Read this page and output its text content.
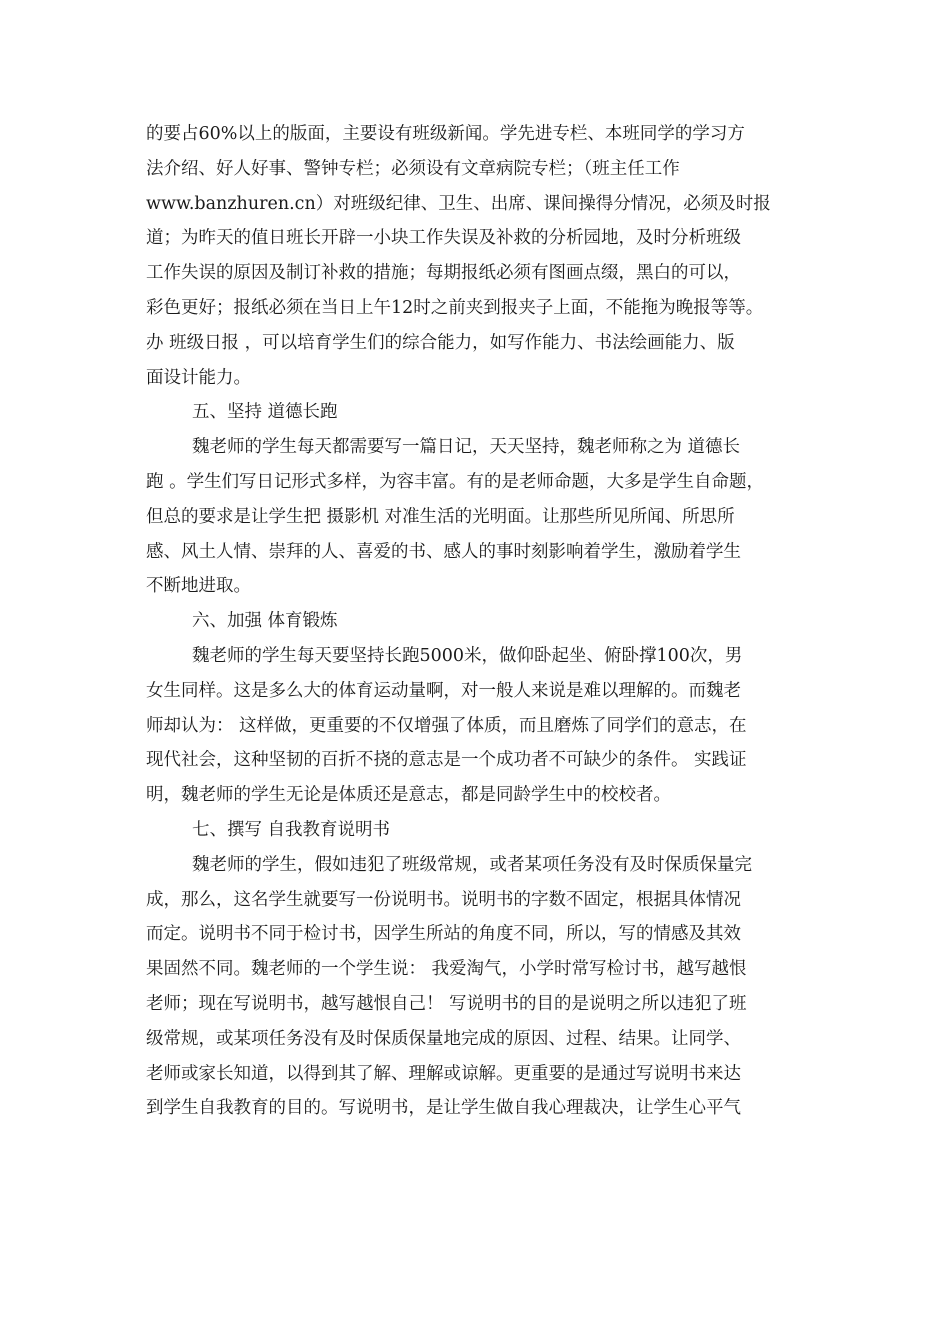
的要占60%以上的版面，主要设有班级新闻。学先进专栏、本班同学的学习方
法介绍、好人好事、警钟专栏；必须设有文章病院专栏；（班主任工作
www.banzhuren.cn）对班级纪律、卫生、出席、课间操得分情况，必须及时报
道；为昨天的值日班长开辟一小块工作失误及补救的分析园地，及时分析班级
工作失误的原因及制订补救的措施；每期报纸必须有图画点缀，黑白的可以，
彩色更好；报纸必须在当日上午12时之前夹到报夹子上面，不能拖为晚报等等。
办 班级日报 ，可以培育学生们的综合能力，如写作能力、书法绘画能力、版
面设计能力。
五、坚持 道德长跑
魏老师的学生每天都需要写一篇日记，天天坚持，魏老师称之为 道德长
跑 。学生们写日记形式多样，为容丰富。有的是老师命题，大多是学生自命题，
但总的要求是让学生把 摄影机 对准生活的光明面。让那些所见所闻、所思所
感、风土人情、崇拜的人、喜爱的书、感人的事时刻影响着学生，激励着学生
不断地进取。
六、加强 体育锻炼
魏老师的学生每天要坚持长跑5000米，做仰卧起坐、俯卧撑100次，男
女生同样。这是多么大的体育运动量啊，对一般人来说是难以理解的。而魏老
师却认为： 这样做，更重要的不仅增强了体质，而且磨炼了同学们的意志，在
现代社会，这种坚韧的百折不挠的意志是一个成功者不可缺少的条件。 实践证
明，魏老师的学生无论是体质还是意志，都是同龄学生中的校校者。
七、撰写 自我教育说明书
魏老师的学生，假如违犯了班级常规，或者某项任务没有及时保质保量完
成，那么，这名学生就要写一份说明书。说明书的字数不固定，根据具体情况
而定。说明书不同于检讨书，因学生所站的角度不同，所以，写的情感及其效
果固然不同。魏老师的一个学生说： 我爱淘气，小学时常写检讨书，越写越恨
老师；现在写说明书，越写越恨自己！ 写说明书的目的是说明之所以违犯了班
级常规，或某项任务没有及时保质保量地完成的原因、过程、结果。让同学、
老师或家长知道，以得到其了解、理解或谅解。更重要的是通过写说明书来达
到学生自我教育的目的。写说明书，是让学生做自我心理裁决，让学生心平气
